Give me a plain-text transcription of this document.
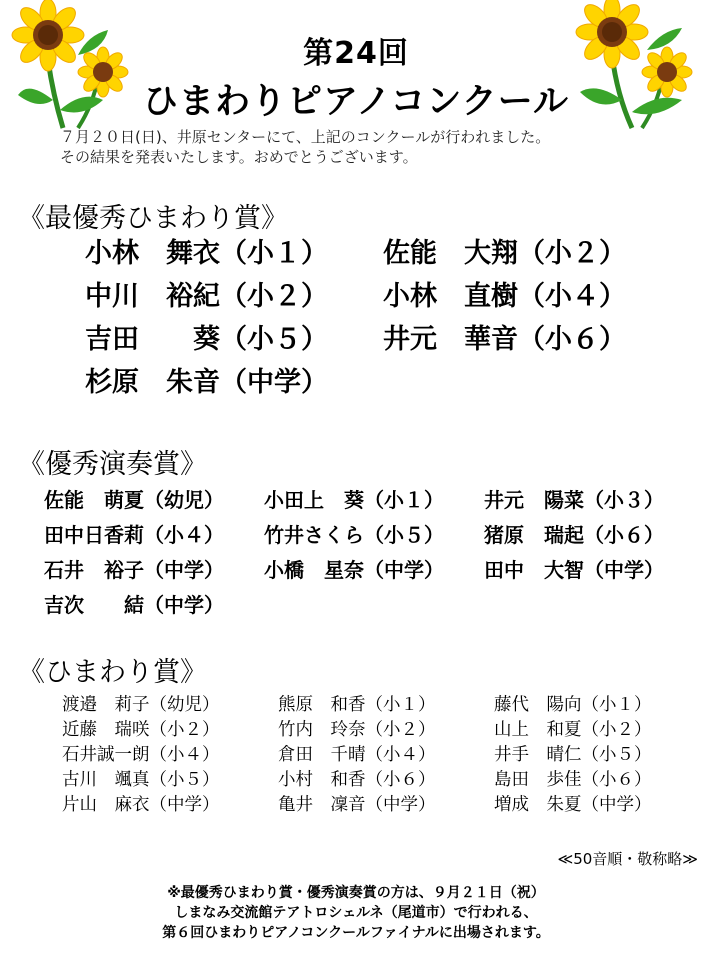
第24回
ひまわりピアノコンクール
７月２０日(日)、井原センターにて、上記のコンクールが行われました。
その結果を発表いたします。おめでとうございます。
《最優秀ひまわり賞》
小林　舞衣（小１）	佐能　大翔（小２）
中川　裕紀（小２）	小林　直樹（小４）
吉田　　葵（小５）	井元　華音（小６）
杉原　朱音（中学）
《優秀演奏賞》
佐能　萌夏（幼児）	小田上　葵（小１）	井元　陽菜（小３）
田中日香莉（小４）	竹井さくら（小５）	猪原　瑞起（小６）
石井　裕子（中学）	小橋　星奈（中学）	田中　大智（中学）
吉次　　結（中学）
《ひまわり賞》
渡邉　莉子（幼児）	熊原　和香（小１）	藤代　陽向（小１）
近藤　瑞咲（小２）	竹内　玲奈（小２）	山上　和夏（小２）
石井誠一朗（小４）	倉田　千晴（小４）	井手　晴仁（小５）
古川　颯真（小５）	小村　和香（小６）	島田　歩佳（小６）
片山　麻衣（中学）	亀井　凜音（中学）	増成　朱夏（中学）
≪50音順・敬称略≫
※最優秀ひまわり賞・優秀演奏賞の方は、９月２１日（祝）
しまなみ交流館テアトロシェルネ（尾道市）で行われる、
第６回ひまわりピアノコンクールファイナルに出場されます。
